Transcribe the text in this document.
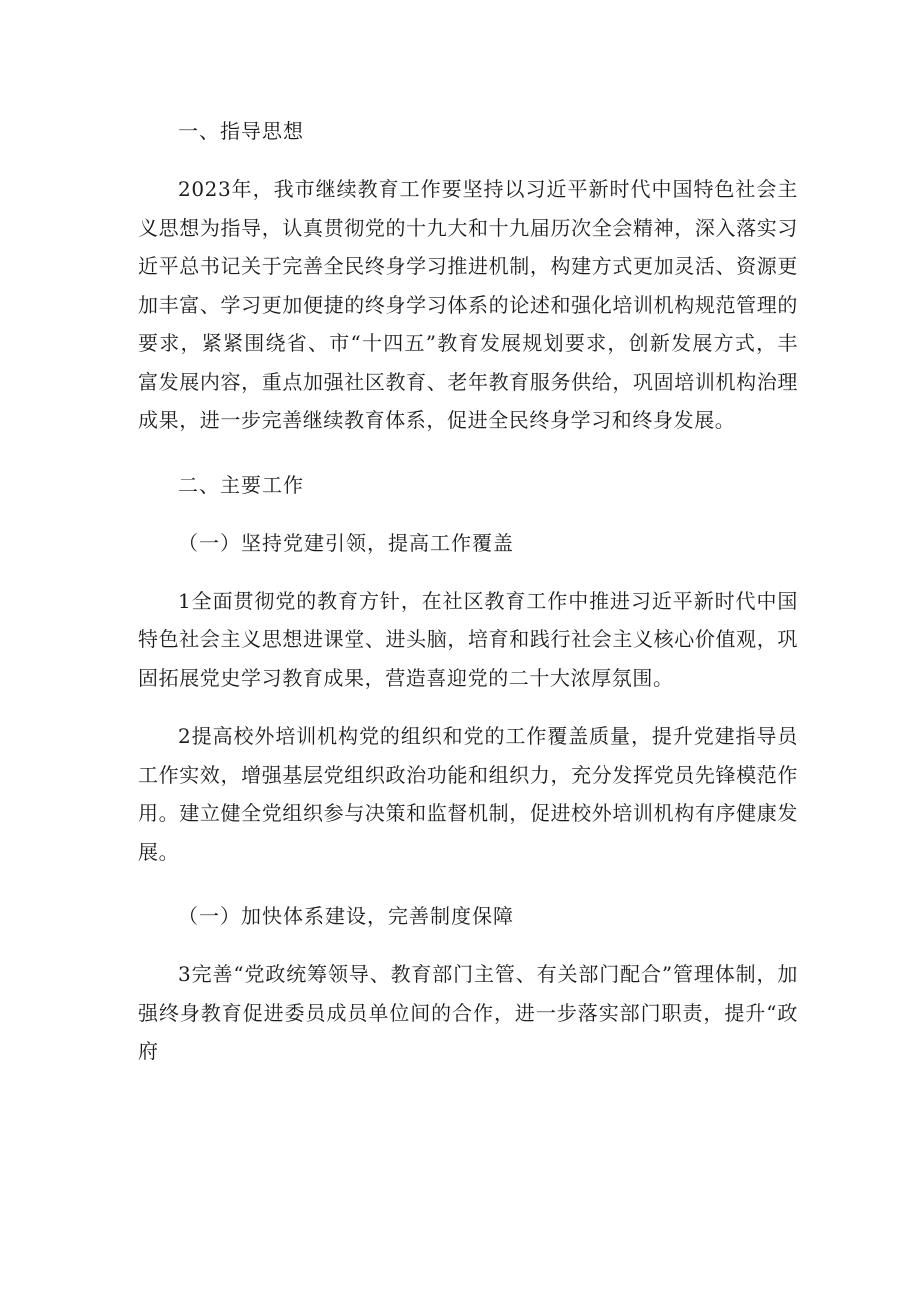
一、指导思想

2023年，我市继续教育工作要坚持以习近平新时代中国特色社会主义思想为指导，认真贯彻党的十九大和十九届历次全会精神，深入落实习近平总书记关于完善全民终身学习推进机制，构建方式更加灵活、资源更加丰富、学习更加便捷的终身学习体系的论述和强化培训机构规范管理的要求，紧紧围绕省、市“十四五”教育发展规划要求，创新发展方式，丰富发展内容，重点加强社区教育、老年教育服务供给，巩固培训机构治理成果，进一步完善继续教育体系，促进全民终身学习和终身发展。

二、主要工作

（一）坚持党建引领，提高工作覆盖

1全面贯彻党的教育方针，在社区教育工作中推进习近平新时代中国特色社会主义思想进课堂、进头脑，培育和践行社会主义核心价值观，巩固拓展党史学习教育成果，营造喜迎党的二十大浓厚氛围。

2提高校外培训机构党的组织和党的工作覆盖质量，提升党建指导员工作实效，增强基层党组织政治功能和组织力，充分发挥党员先锋模范作用。建立健全党组织参与决策和监督机制，促进校外培训机构有序健康发展。

（一）加快体系建设，完善制度保障

3完善“党政统筹领导、教育部门主管、有关部门配合”管理体制，加强终身教育促进委员成员单位间的合作，进一步落实部门职责，提升“政府
